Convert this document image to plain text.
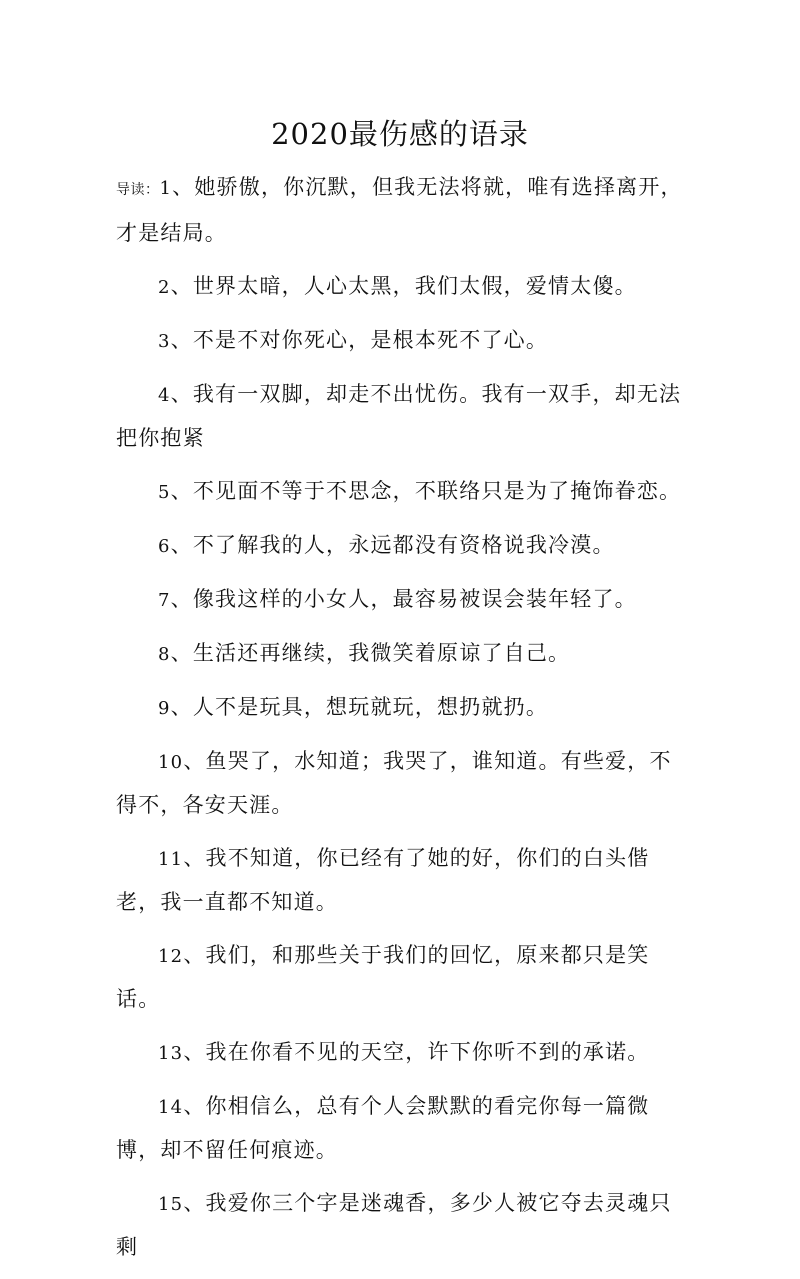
2020最伤感的语录

导读：1、她骄傲，你沉默，但我无法将就，唯有选择离开，才是结局。

2、世界太暗，人心太黑，我们太假，爱情太傻。

3、不是不对你死心，是根本死不了心。

4、我有一双脚，却走不出忧伤。我有一双手，却无法把你抱紧

5、不见面不等于不思念，不联络只是为了掩饰眷恋。

6、不了解我的人，永远都没有资格说我冷漠。

7、像我这样的小女人，最容易被误会装年轻了。

8、生活还再继续，我微笑着原谅了自己。

9、人不是玩具，想玩就玩，想扔就扔。

10、鱼哭了，水知道；我哭了，谁知道。有些爱，不得不，各安天涯。

11、我不知道，你已经有了她的好，你们的白头偕老，我一直都不知道。

12、我们，和那些关于我们的回忆，原来都只是笑话。

13、我在你看不见的天空，许下你听不到的承诺。

14、你相信么，总有个人会默默的看完你每一篇微博，却不留任何痕迹。

15、我爱你三个字是迷魂香，多少人被它夺去灵魂只剩
